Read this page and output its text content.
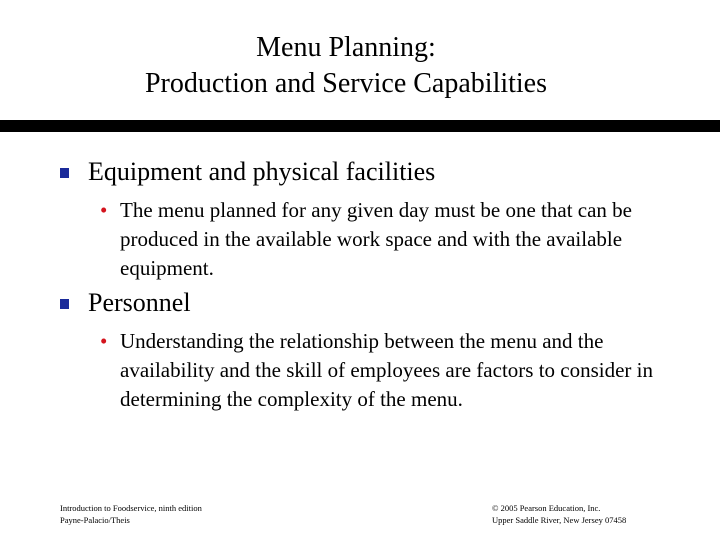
Menu Planning:
Production and Service Capabilities
Equipment and physical facilities
• The menu planned for any given day must be one that can be produced in the available work space and with the available equipment.
Personnel
• Understanding the relationship between the menu and the availability and the skill of employees are factors to consider in determining the complexity of the menu.
Introduction to Foodservice, ninth edition
Payne-Palacio/Theis
© 2005 Pearson Education, Inc.
Upper Saddle River, New Jersey 07458
